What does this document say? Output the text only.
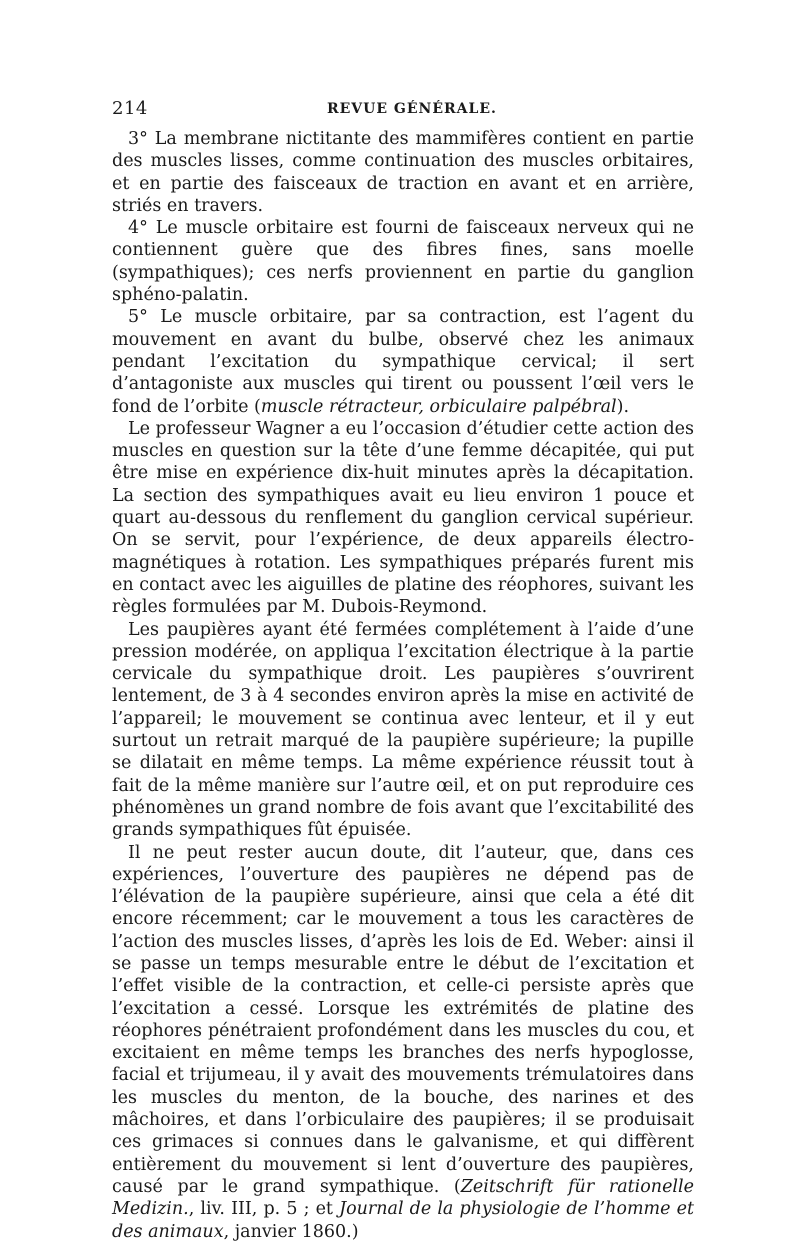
214	REVUE GÉNÉRALE.

3° La membrane nictitante des mammifères contient en partie des muscles lisses, comme continuation des muscles orbitaires, et en partie des faisceaux de traction en avant et en arrière, striés en travers.

4° Le muscle orbitaire est fourni de faisceaux nerveux qui ne contiennent guère que des fibres fines, sans moelle (sympathiques); ces nerfs proviennent en partie du ganglion sphéno-palatin.

5° Le muscle orbitaire, par sa contraction, est l’agent du mouvement en avant du bulbe, observé chez les animaux pendant l’excitation du sympathique cervical; il sert d’antagoniste aux muscles qui tirent ou poussent l’œil vers le fond de l’orbite (muscle rétracteur, orbiculaire palpébral).

Le professeur Wagner a eu l’occasion d’étudier cette action des muscles en question sur la tête d’une femme décapitée, qui put être mise en expérience dix-huit minutes après la décapitation. La section des sympathiques avait eu lieu environ 1 pouce et quart au-dessous du renflement du ganglion cervical supérieur. On se servit, pour l’expérience, de deux appareils électro-magnétiques à rotation. Les sympathiques préparés furent mis en contact avec les aiguilles de platine des réophores, suivant les règles formulées par M. Dubois-Reymond.

Les paupières ayant été fermées complétement à l’aide d’une pression modérée, on appliqua l’excitation électrique à la partie cervicale du sympathique droit. Les paupières s’ouvrirent lentement, de 3 à 4 secondes environ après la mise en activité de l’appareil; le mouvement se continua avec lenteur, et il y eut surtout un retrait marqué de la paupière supérieure; la pupille se dilatait en même temps. La même expérience réussit tout à fait de la même manière sur l’autre œil, et on put reproduire ces phénomènes un grand nombre de fois avant que l’excitabilité des grands sympathiques fût épuisée.

Il ne peut rester aucun doute, dit l’auteur, que, dans ces expériences, l’ouverture des paupières ne dépend pas de l’élévation de la paupière supérieure, ainsi que cela a été dit encore récemment; car le mouvement a tous les caractères de l’action des muscles lisses, d’après les lois de Ed. Weber: ainsi il se passe un temps mesurable entre le début de l’excitation et l’effet visible de la contraction, et celle-ci persiste après que l’excitation a cessé. Lorsque les extrémités de platine des réophores pénétraient profondément dans les muscles du cou, et excitaient en même temps les branches des nerfs hypoglosse, facial et trijumeau, il y avait des mouvements trémulatoires dans les muscles du menton, de la bouche, des narines et des mâchoires, et dans l’orbiculaire des paupières; il se produisait ces grimaces si connues dans le galvanisme, et qui diffèrent entièrement du mouvement si lent d’ouverture des paupières, causé par le grand sympathique. (Zeitschrift für rationelle Medizin., liv. III, p. 5 ; et Journal de la physiologie de l’homme et des animaux, janvier 1860.)
